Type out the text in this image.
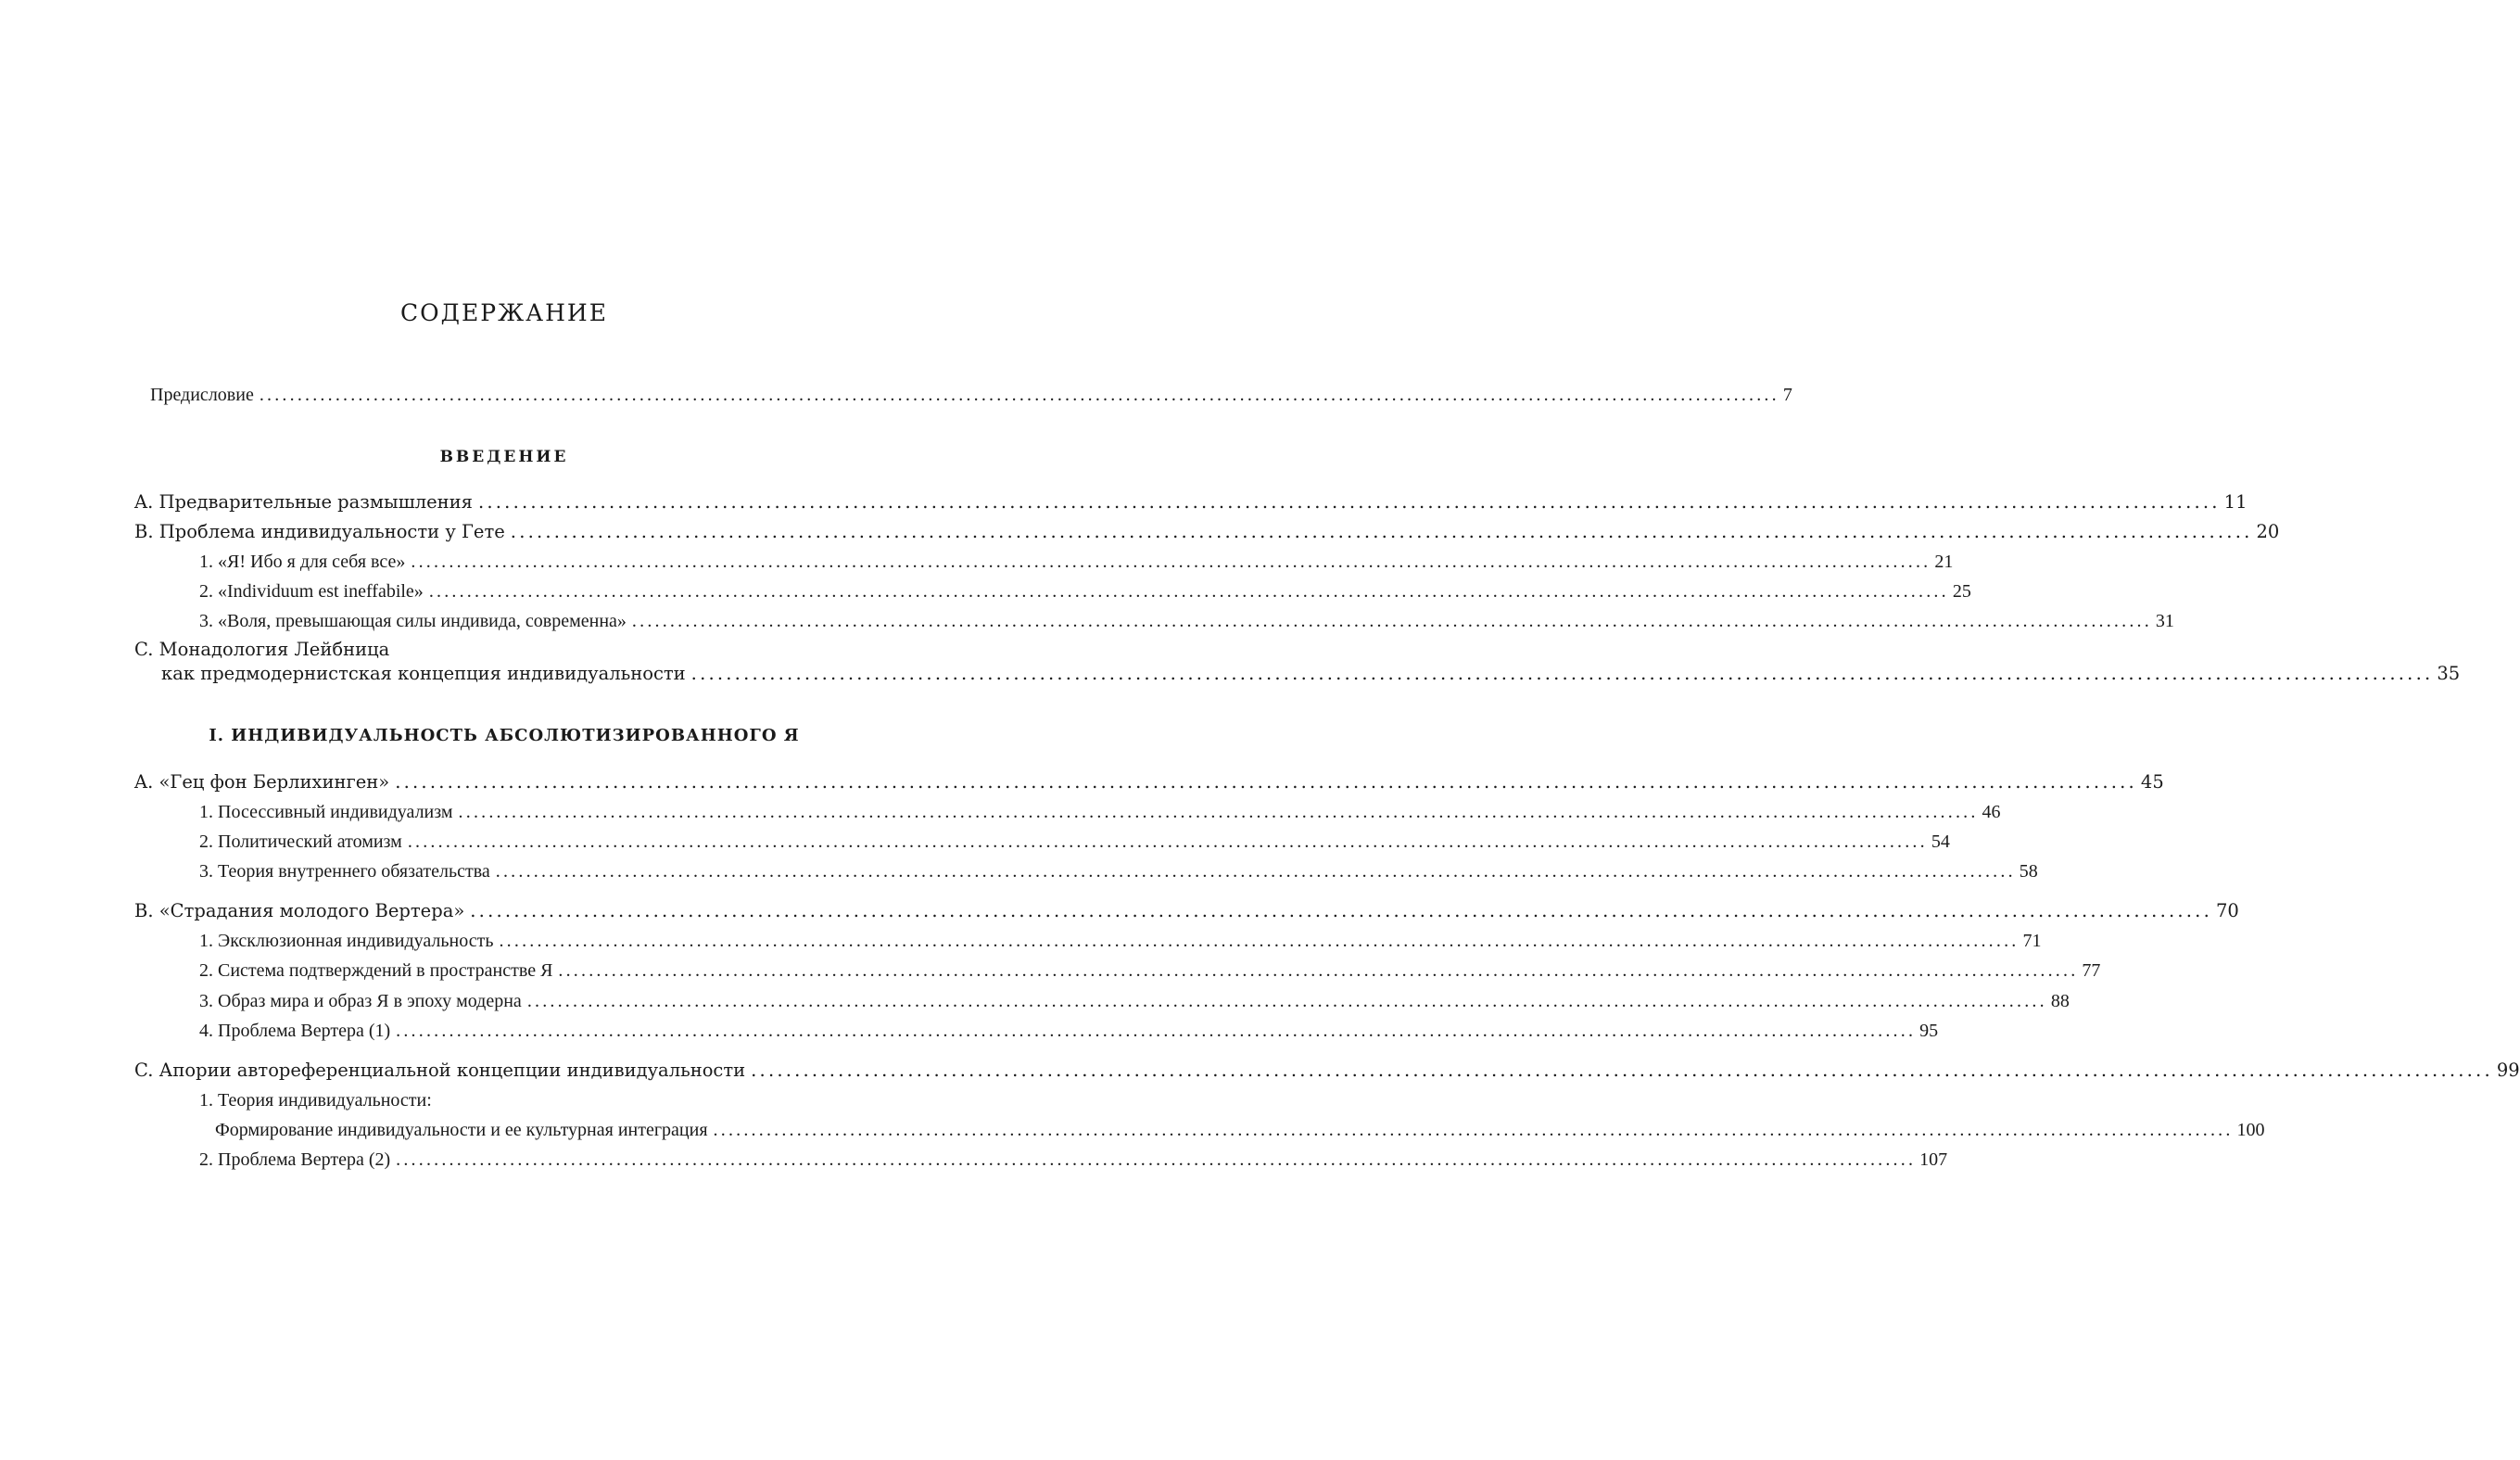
СОДЕРЖАНИЕ
Предисловие ........................................................................................................................................................................................................ 7
ВВЕДЕНИЕ
A. Предварительные размышления ........................................................................................................................................................................................................ 11
B. Проблема индивидуальности у Гете ........................................................................................................................................................................................................ 20
1. «Я! Ибо я для себя все» ........................................................................................................................................................................................................ 21
2. «Individuum est ineffabile» ........................................................................................................................................................................................................ 25
3. «Воля, превышающая силы индивида, современна» ........................................................................................................................................................................................................ 31
C. Монадология Лейбница
как предмодернистская концепция индивидуальности ........................................................................................................................................................................................................ 35
I. ИНДИВИДУАЛЬНОСТЬ АБСОЛЮТИЗИРОВАННОГО Я
A. «Гец фон Берлихинген» ........................................................................................................................................................................................................ 45
1. Посессивный индивидуализм ........................................................................................................................................................................................................ 46
2. Политический атомизм ........................................................................................................................................................................................................ 54
3. Теория внутреннего обязательства ........................................................................................................................................................................................................ 58
B. «Страдания молодого Вертера» ........................................................................................................................................................................................................ 70
1. Эксклюзионная индивидуальность ........................................................................................................................................................................................................ 71
2. Система подтверждений в пространстве Я ........................................................................................................................................................................................................ 77
3. Образ мира и образ Я в эпоху модерна ........................................................................................................................................................................................................ 88
4. Проблема Вертера (1) ........................................................................................................................................................................................................ 95
C. Апории автореференциальной концепции индивидуальности ........................................................................................................................................................................................................ 99
1. Теория индивидуальности:
Формирование индивидуальности и ее культурная интеграция ........................................................................................................................................................................................................ 100
2. Проблема Вертера (2) ........................................................................................................................................................................................................ 107
